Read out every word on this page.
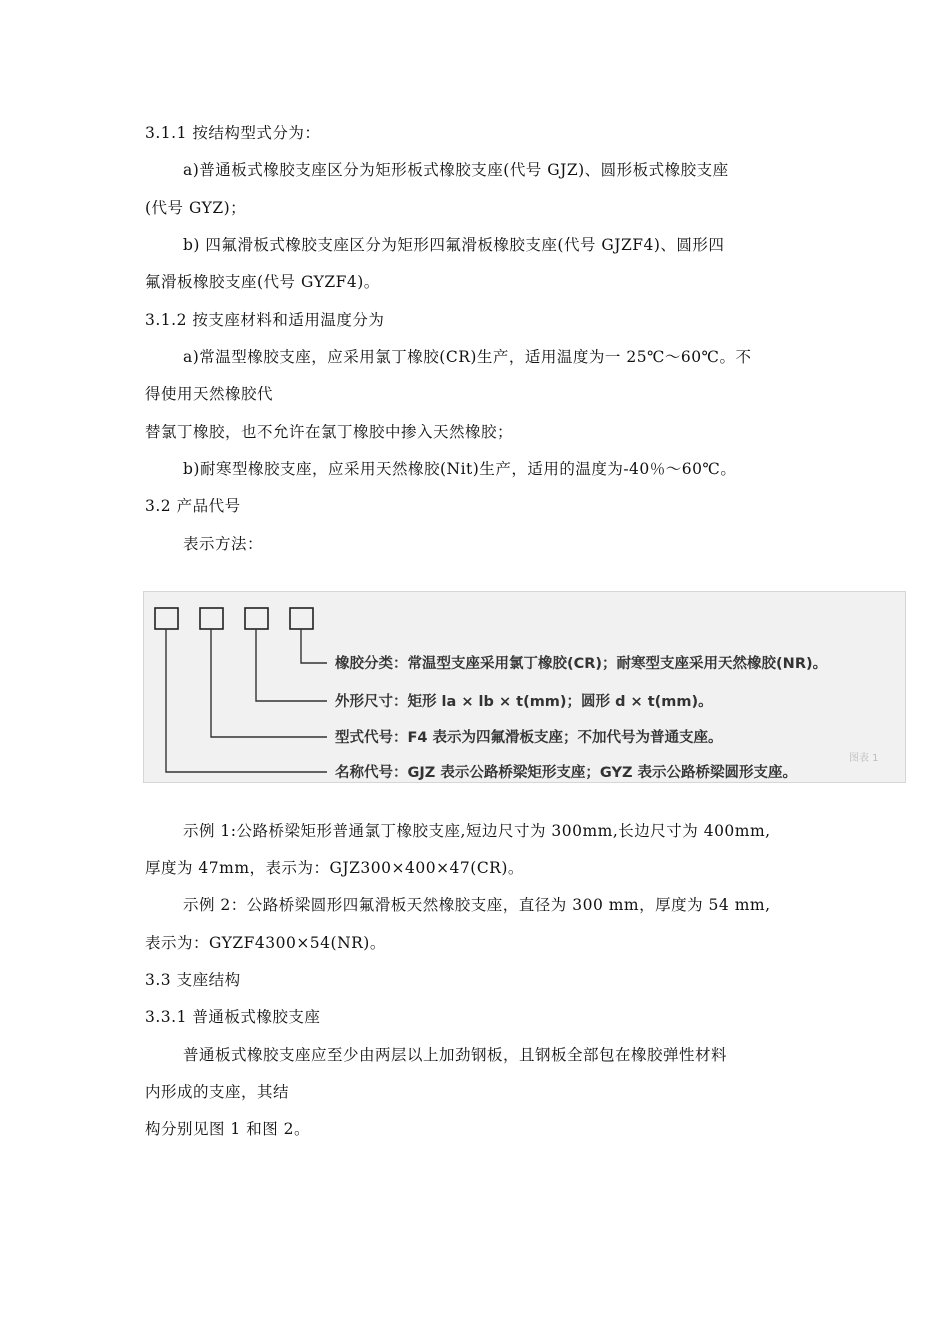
3.1.1 按结构型式分为：
a)普通板式橡胶支座区分为矩形板式橡胶支座(代号 GJZ)、圆形板式橡胶支座
(代号 GYZ)；
b) 四氟滑板式橡胶支座区分为矩形四氟滑板橡胶支座(代号 GJZF4)、圆形四
氟滑板橡胶支座(代号 GYZF4)。
3.1.2 按支座材料和适用温度分为
a)常温型橡胶支座，应采用氯丁橡胶(CR)生产，适用温度为一 25℃～60℃。不
得使用天然橡胶代
替氯丁橡胶，也不允许在氯丁橡胶中掺入天然橡胶；
b)耐寒型橡胶支座，应采用天然橡胶(Nit)生产，适用的温度为-40％～60℃。
3.2 产品代号
表示方法：
橡胶分类：常温型支座采用氯丁橡胶(CR)；耐寒型支座采用天然橡胶(NR)。
外形尺寸：矩形 la × lb × t(mm)；圆形 d × t(mm)。
型式代号：F4 表示为四氟滑板支座；不加代号为普通支座。
名称代号：GJZ 表示公路桥梁矩形支座；GYZ 表示公路桥梁圆形支座。
图表 1
示例 1:公路桥梁矩形普通氯丁橡胶支座,短边尺寸为 300mm,长边尺寸为 400mm,
厚度为 47mm，表示为：GJZ300×400×47(CR)。
示例 2：公路桥梁圆形四氟滑板天然橡胶支座，直径为 300 mm，厚度为 54 mm,
表示为：GYZF4300×54(NR)。
3.3 支座结构
3.3.1 普通板式橡胶支座
普通板式橡胶支座应至少由两层以上加劲钢板，且钢板全部包在橡胶弹性材料
内形成的支座，其结
构分别见图 1 和图 2。
